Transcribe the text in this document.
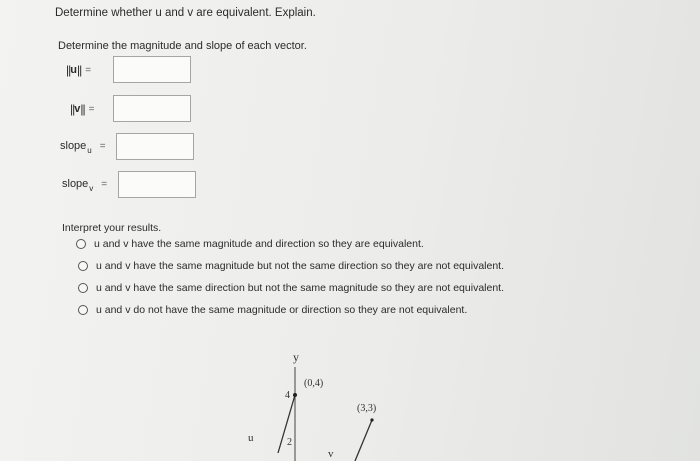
Determine whether u and v are equivalent. Explain.
Determine the magnitude and slope of each vector.
|| u || =
|| v || =
slope u =
slope v =
Interpret your results.
u and v have the same magnitude and direction so they are equivalent.
u and v have the same magnitude but not the same direction so they are not equivalent.
u and v have the same direction but not the same magnitude so they are not equivalent.
u and v do not have the same magnitude or direction so they are not equivalent.
y
4
2
(0,4)
u
(3,3)
v
